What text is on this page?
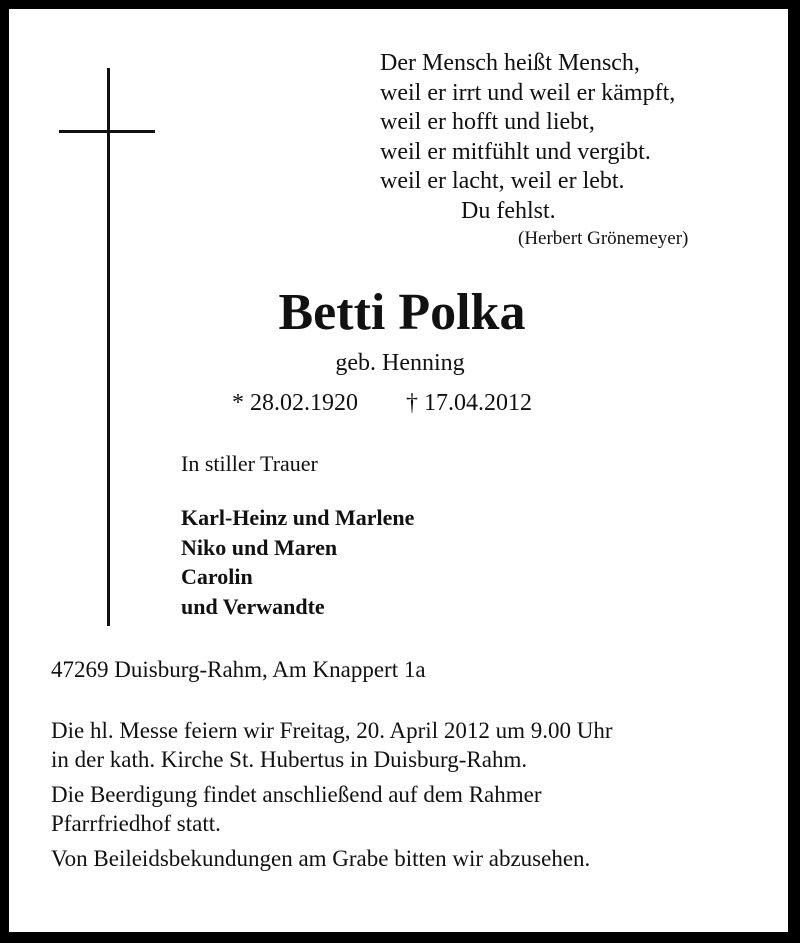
Der Mensch heißt Mensch,
weil er irrt und weil er kämpft,
weil er hofft und liebt,
weil er mitfühlt und vergibt.
weil er lacht, weil er lebt.
Du fehlst.
(Herbert Grönemeyer)
Betti Polka
geb. Henning
* 28.02.1920 † 17.04.2012
In stiller Trauer
Karl-Heinz und Marlene
Niko und Maren
Carolin
und Verwandte
47269 Duisburg-Rahm, Am Knappert 1a

Die hl. Messe feiern wir Freitag, 20. April 2012 um 9.00 Uhr
in der kath. Kirche St. Hubertus in Duisburg-Rahm.

Die Beerdigung findet anschließend auf dem Rahmer
Pfarrfriedhof statt.

Von Beileidsbekundungen am Grabe bitten wir abzusehen.
